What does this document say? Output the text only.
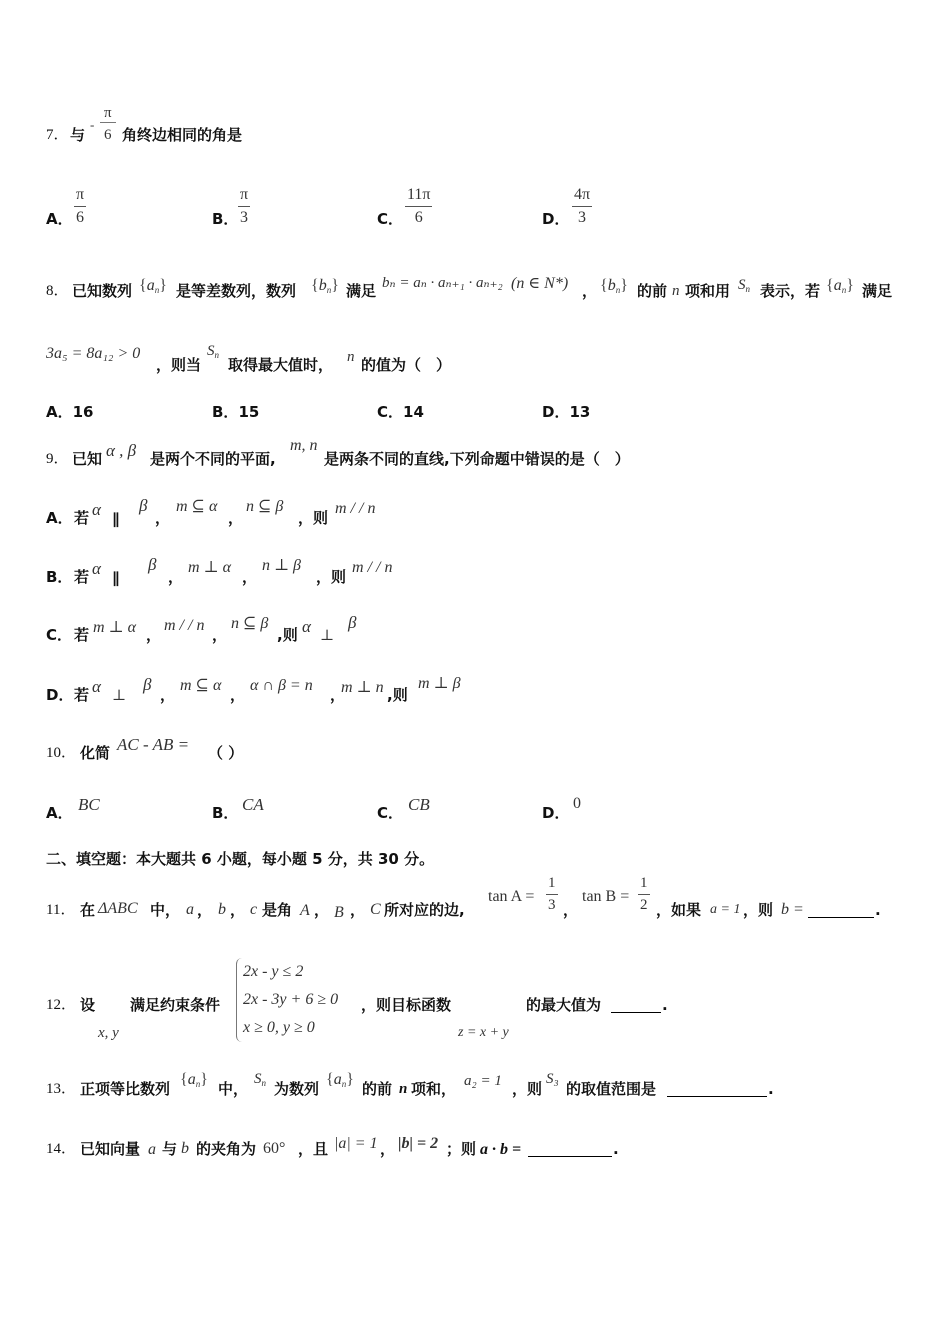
7． 与
-
π
6 角终边相同的角是
A． $\frac{\pi}{6}$	B． $\frac{\pi}{3}$	C． $\frac{11\pi}{6}$	D． $\frac{4\pi}{3}$
8． 已知数列 $\{a_n\}$ 是等差数列，数列 $\{b_n\}$ 满足 bₙ = aₙ · aₙ₊₁ · aₙ₊₂ (n ∈ N*) ， $\{b_n\}$ 的前 n 项和用 $S_n$ 表示，若 $\{a_n\}$ 满足
3a₅ = 8a₁₂ > 0
，则当
$S_n$
取得最大值时， n 的值为（　）
A．16	B．15	C．14	D．13
9． 已知 α , β 是两个不同的平面,
m, n
是两条不同的直线,下列命题中错误的是（　）
A． 若 α ∥
β
，
m ⊆ α
，
n ⊆ β
，则
m / / n
B． 若 α ∥
β
，
m ⊥ α
，
n ⊥ β
，则
m / / n
C． 若 m ⊥ α ，
m / / n
，
n ⊆ β
,则 α ⊥
β
D． 若 α ⊥
β
，
m ⊆ α
，
α ∩ β = n
，
m ⊥ n ,则
m ⊥ β
10． 化简 AC - AB = （ ）
A． BC	B． CA	C． CB	D．
0
二、填空题：本大题共 6 小题，每小题 5 分，共 30 分。
11． 在 ΔABC 中， a ， b ， c 是角 A ， B ， C 所对应的边,
$\tan A = \frac{1}{3}$ ，
$\tan B = \frac{1}{2}$ ，如果 a = 1 ，则 b =	.
12． 设
x, y
满足约束条件
2x - y ≤ 2
2x - 3y + 6 ≥ 0
x ≥ 0, y ≥ 0
，则目标函数
z = x + y
的最大值为	.
13． 正项等比数列
$\{a_n\}$
中，
$S_n$ 为数列
$\{a_n\}$
的前 n 项和， a₂ = 1 ，则
S₃
的取值范围是	.
14． 已知向量 a 与 b 的夹角为 60° ，且 |a| = 1 ， |b| = 2 ；则 a · b =	.
